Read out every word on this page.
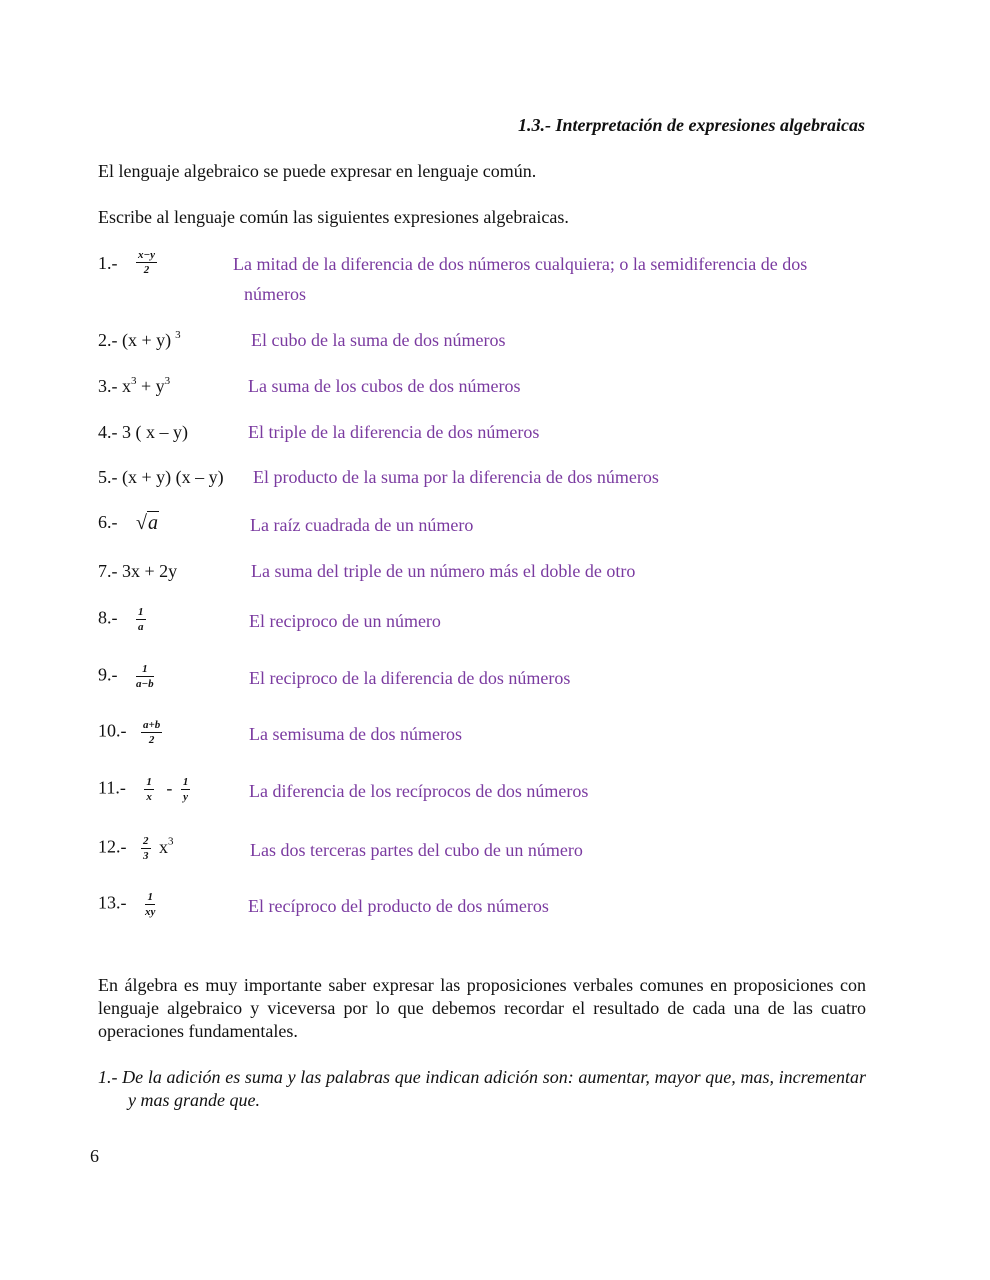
1.3.- Interpretación de expresiones algebraicas
El lenguaje algebraico se puede expresar en lenguaje común.
Escribe al lenguaje común las siguientes expresiones algebraicas.
$1.- \frac{x-y}{2}$	La mitad de la diferencia de dos números cualquiera; o la semidiferencia de dos
números
2.- (x + y) $^3$	El cubo de la suma de dos números
3.- $x^3 + y^3$	La suma de los cubos de dos números
4.- 3 ( x – y)	El triple de la diferencia de dos números
5.- (x + y) (x – y) El producto de la suma por la diferencia de dos números
6.- √a	La raíz cuadrada de un número
7.- 3x + 2y	La suma del triple de un número más el doble de otro
$8.- \frac{1}{a}$	El reciproco de un número
$9.- \frac{1}{a-b}$	El reciproco de la diferencia de dos números
$10.- \frac{a+b}{2}$	La semisuma de dos números
$11.- \frac{1}{x} - \frac{1}{y}$	La diferencia de los recíprocos de dos números
$12.- \frac{2}{3} x^3$	Las dos terceras partes del cubo de un número
$13.- \frac{1}{xy}$	El recíproco del producto de dos números
En álgebra es muy importante saber expresar las proposiciones verbales comunes en proposiciones con lenguaje algebraico y viceversa por lo que debemos recordar el resultado de cada una de las cuatro operaciones fundamentales.
1.- De la adición es suma y las palabras que indican adición son: aumentar, mayor que, mas, incrementar y mas grande que.
6
